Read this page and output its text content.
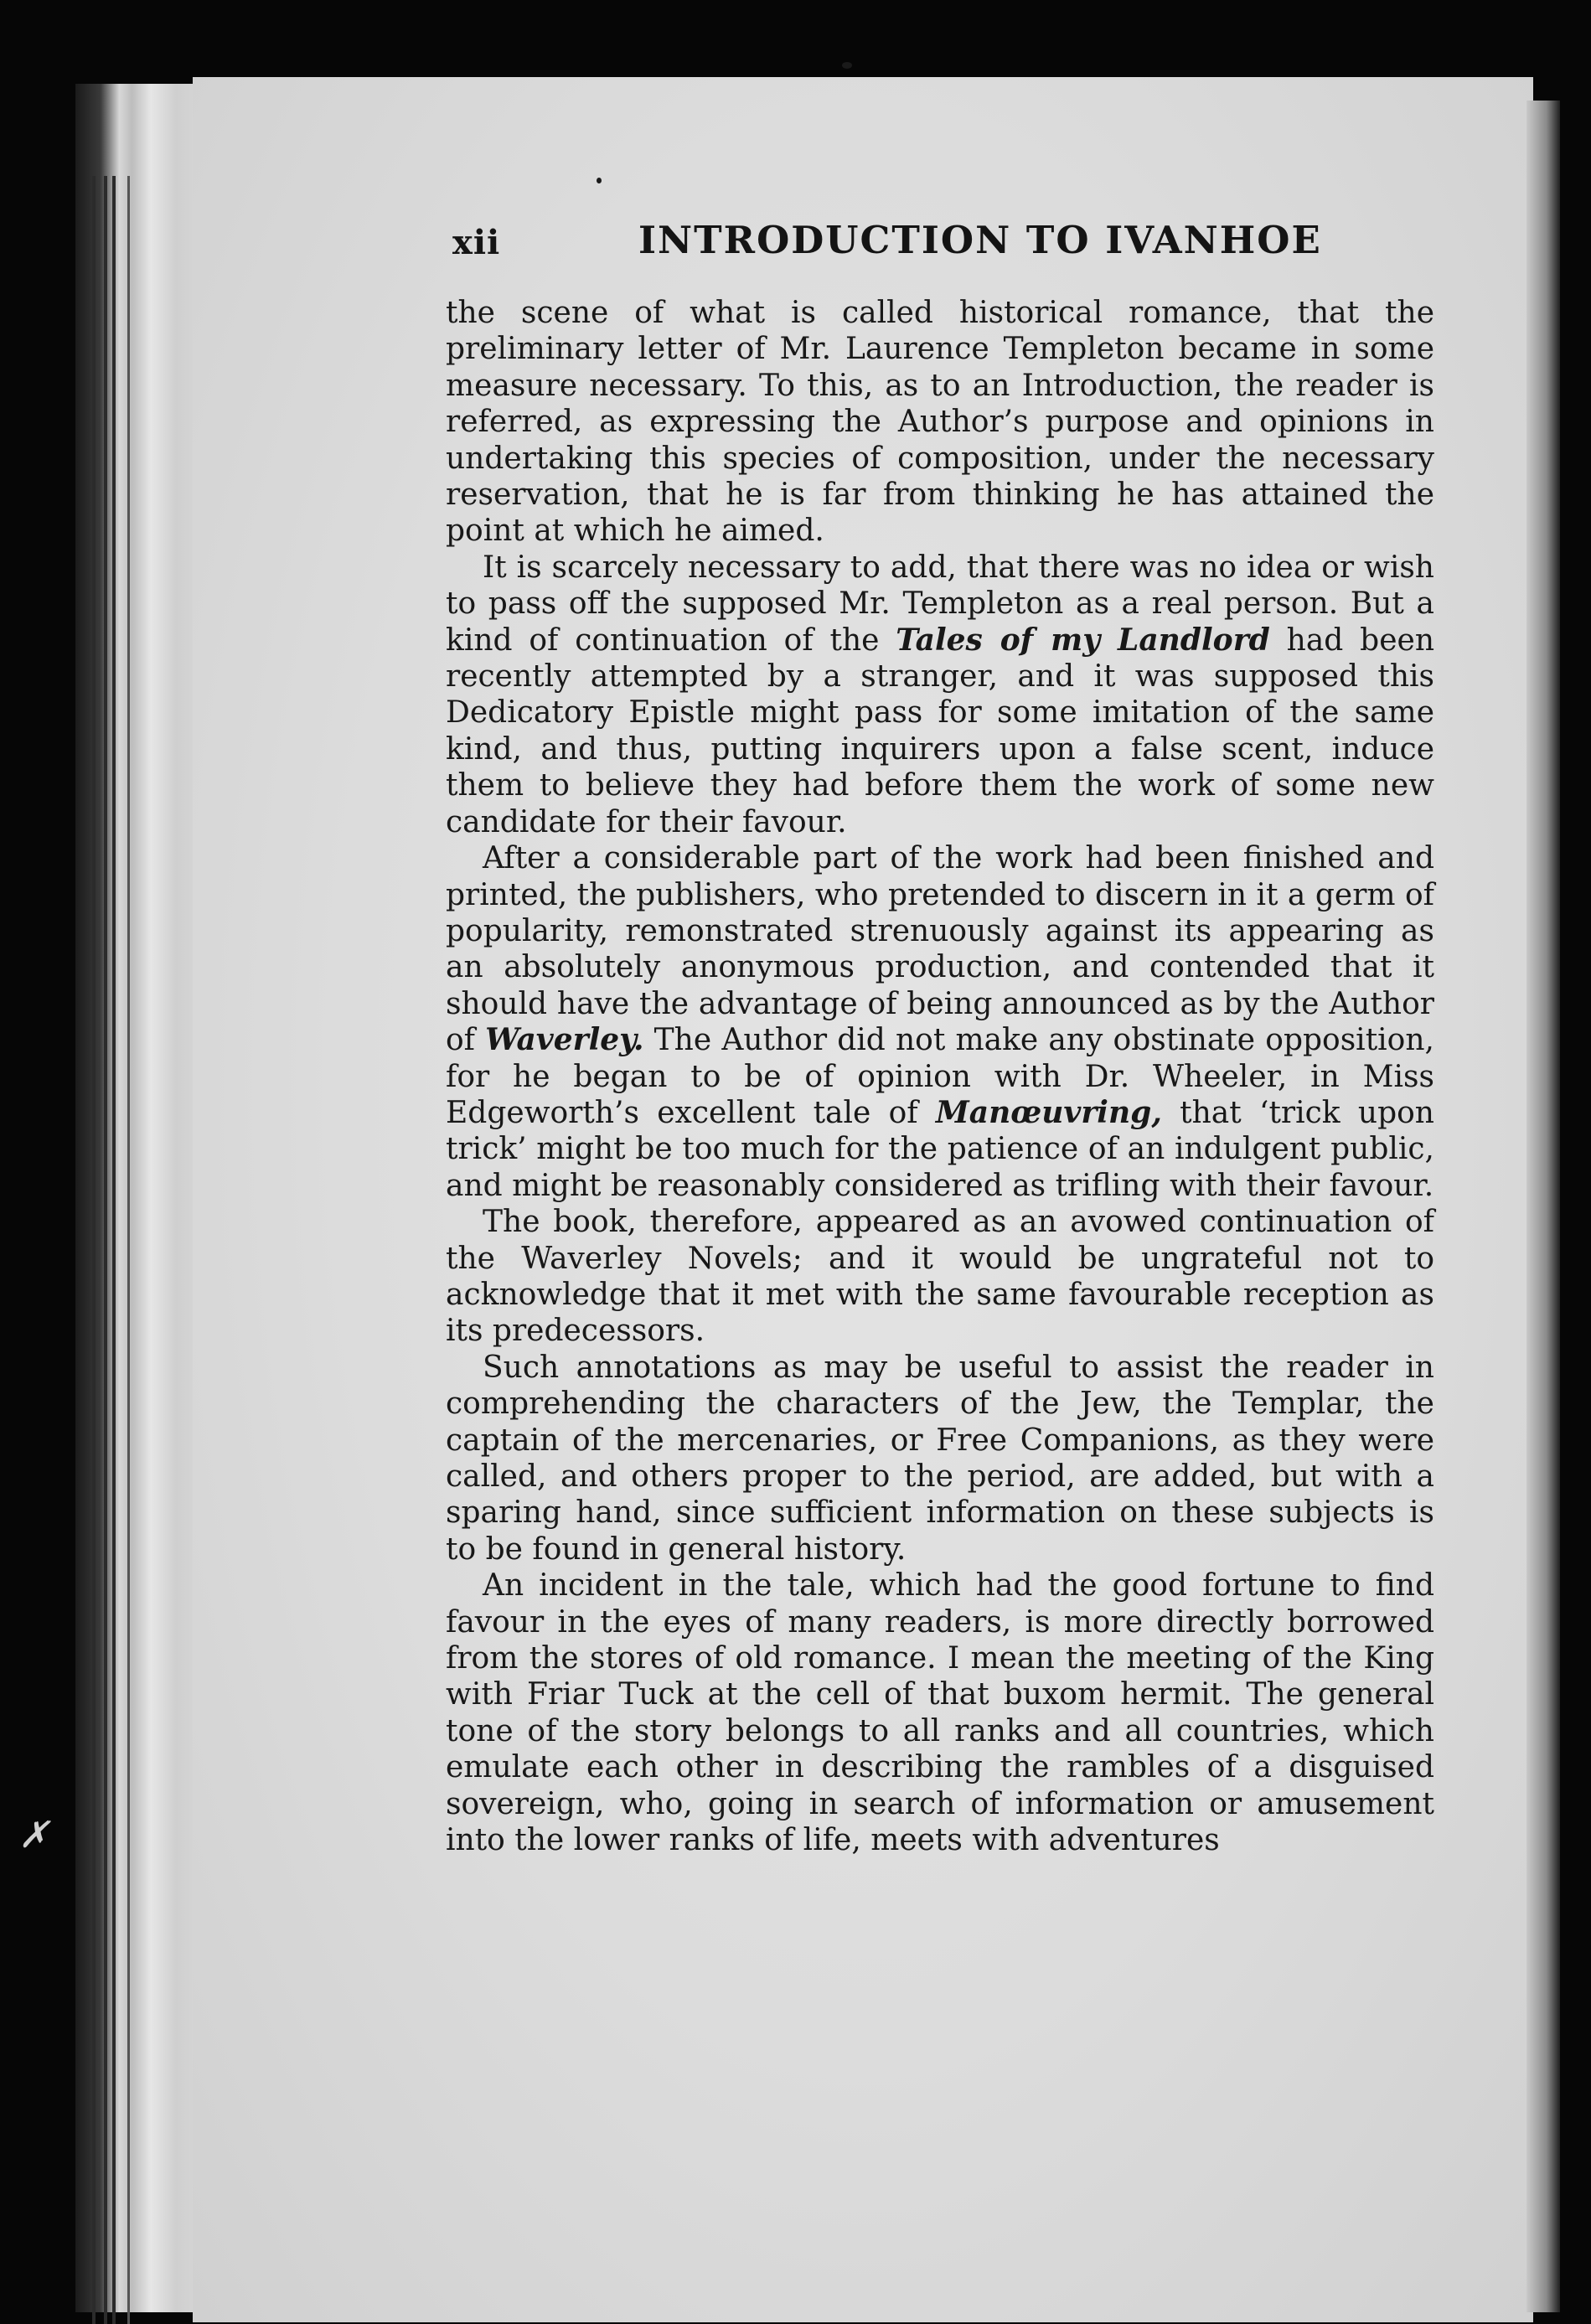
✗
xii	INTRODUCTION TO IVANHOE

the scene of what is called historical romance, that the preliminary letter of Mr. Laurence Templeton became in some measure necessary. To this, as to an Introduction, the reader is referred, as expressing the Author’s purpose and opinions in undertaking this species of composition, under the necessary reservation, that he is far from thinking he has attained the point at which he aimed.

It is scarcely necessary to add, that there was no idea or wish to pass off the supposed Mr. Templeton as a real person. But a kind of continuation of the Tales of my Landlord had been recently attempted by a stranger, and it was supposed this Dedicatory Epistle might pass for some imitation of the same kind, and thus, putting inquirers upon a false scent, induce them to believe they had before them the work of some new candidate for their favour.

After a considerable part of the work had been finished and printed, the publishers, who pretended to discern in it a germ of popularity, remonstrated strenuously against its appearing as an absolutely anonymous production, and contended that it should have the advantage of being announced as by the Author of Waverley. The Author did not make any obstinate opposition, for he began to be of opinion with Dr. Wheeler, in Miss Edgeworth’s excellent tale of Manœuvring, that ‘trick upon trick’ might be too much for the patience of an indulgent public, and might be reasonably considered as trifling with their favour.

The book, therefore, appeared as an avowed continuation of the Waverley Novels; and it would be ungrateful not to acknowledge that it met with the same favourable reception as its predecessors.

Such annotations as may be useful to assist the reader in comprehending the characters of the Jew, the Templar, the captain of the mercenaries, or Free Companions, as they were called, and others proper to the period, are added, but with a sparing hand, since sufficient information on these subjects is to be found in general history.

An incident in the tale, which had the good fortune to find favour in the eyes of many readers, is more directly borrowed from the stores of old romance. I mean the meeting of the King with Friar Tuck at the cell of that buxom hermit. The general tone of the story belongs to all ranks and all countries, which emulate each other in describing the rambles of a disguised sovereign, who, going in search of information or amusement into the lower ranks of life, meets with adventures
